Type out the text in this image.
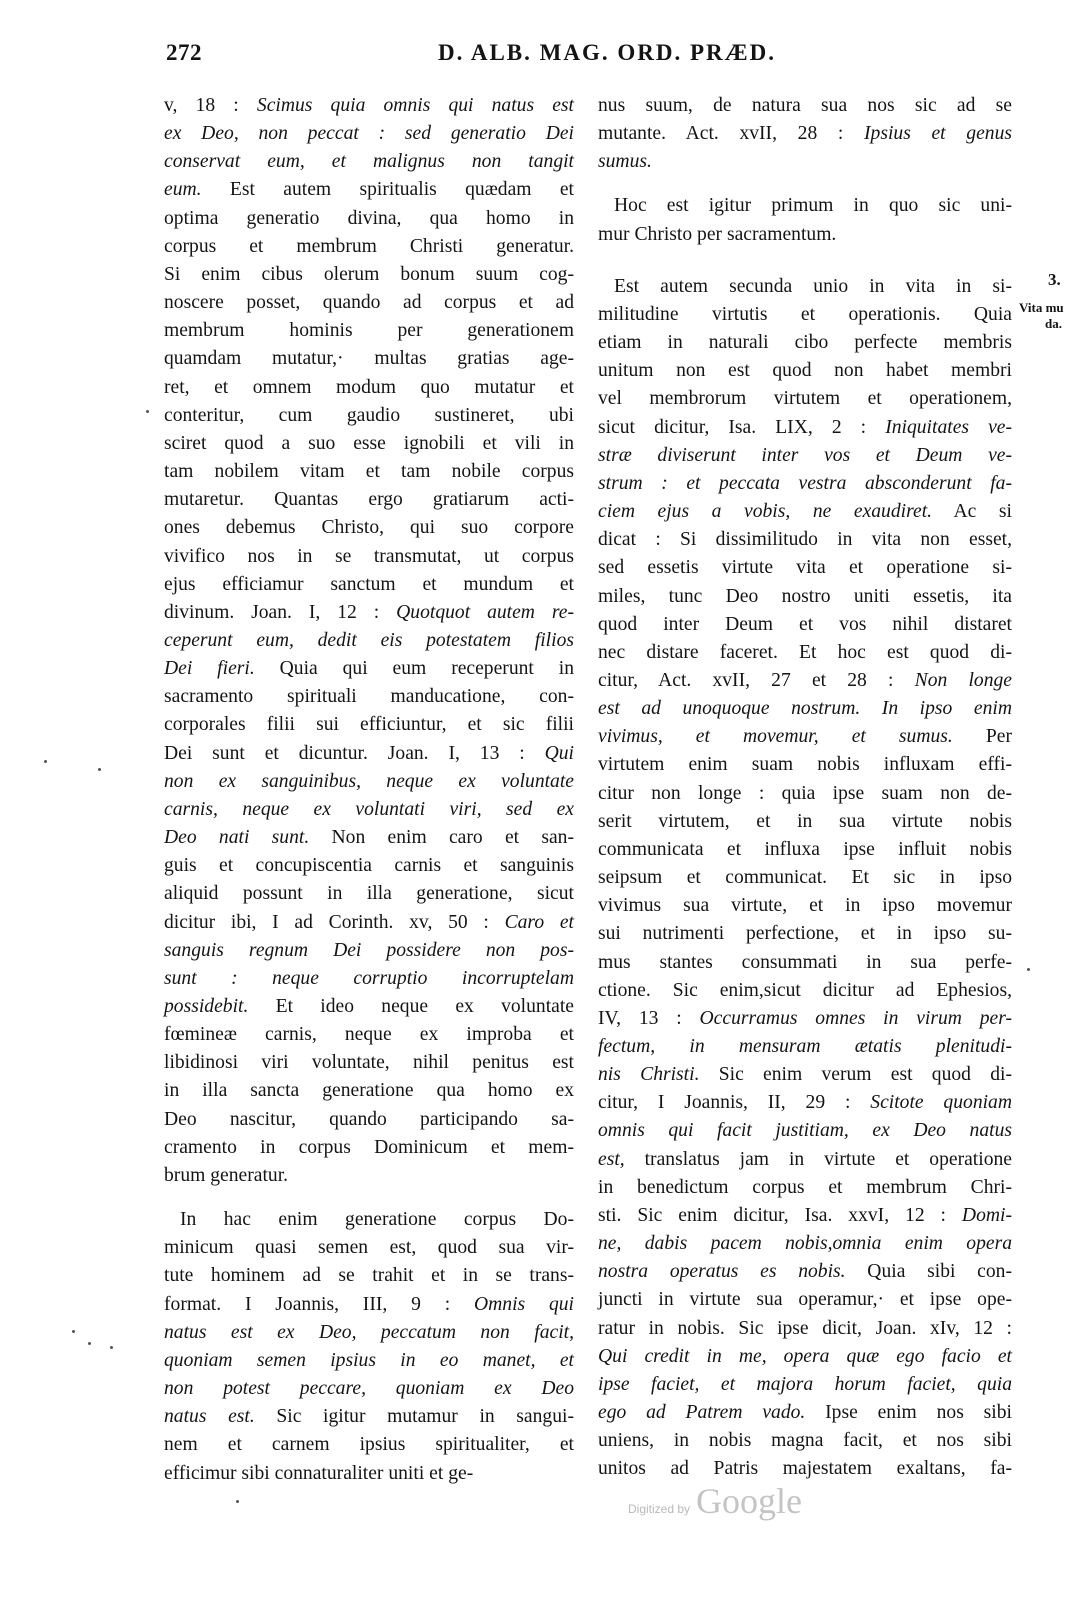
272	D. ALB. MAG. ORD. PRÆD.
v, 18 : Scimus quia omnis qui natus est
ex Deo, non peccat : sed generatio Dei
conservat eum, et malignus non tangit
eum. Est autem spiritualis quædam et
optima generatio divina, qua homo in
corpus et membrum Christi generatur.
Si enim cibus olerum bonum suum cog-
noscere posset, quando ad corpus et ad
membrum hominis per generationem
quamdam mutatur,· multas gratias age-
ret, et omnem modum quo mutatur et
conteritur, cum gaudio sustineret, ubi
sciret quod a suo esse ignobili et vili in
tam nobilem vitam et tam nobile corpus
mutaretur. Quantas ergo gratiarum acti-
ones debemus Christo, qui suo corpore
vivifico nos in se transmutat, ut corpus
ejus efficiamur sanctum et mundum et
divinum. Joan. I, 12 : Quotquot autem re-
ceperunt eum, dedit eis potestatem filios
Dei fieri. Quia qui eum receperunt in
sacramento spirituali manducatione, con-
corporales filii sui efficiuntur, et sic filii
Dei sunt et dicuntur. Joan. I, 13 : Qui
non ex sanguinibus, neque ex voluntate
carnis, neque ex voluntati viri, sed ex
Deo nati sunt. Non enim caro et san-
guis et concupiscentia carnis et sanguinis
aliquid possunt in illa generatione, sicut
dicitur ibi, I ad Corinth. xv, 50 : Caro et
sanguis regnum Dei possidere non pos-
sunt : neque corruptio incorruptelam
possidebit. Et ideo neque ex voluntate
fœmineæ carnis, neque ex improba et
libidinosi viri voluntate, nihil penitus est
in illa sancta generatione qua homo ex
Deo nascitur, quando participando sa-
cramento in corpus Dominicum et mem-
brum generatur.
In hac enim generatione corpus Do-
minicum quasi semen est, quod sua vir-
tute hominem ad se trahit et in se trans-
format. I Joannis, III, 9 : Omnis qui
natus est ex Deo, peccatum non facit,
quoniam semen ipsius in eo manet, et
non potest peccare, quoniam ex Deo
natus est. Sic igitur mutamur in sangui-
nem et carnem ipsius spiritualiter, et
efficimur sibi connaturaliter uniti et ge-
nus suum, de natura sua nos sic ad se
mutante. Act. xvII, 28 : Ipsius et genus
sumus.
Hoc est igitur primum in quo sic uni-
mur Christo per sacramentum.
Est autem secunda unio in vita in si-
militudine virtutis et operationis. Quia
etiam in naturali cibo perfecte membris
unitum non est quod non habet membri
vel membrorum virtutem et operationem,
sicut dicitur, Isa. LIX, 2 : Iniquitates ve-
stræ diviserunt inter vos et Deum ve-
strum : et peccata vestra absconderunt fa-
ciem ejus a vobis, ne exaudiret. Ac si
dicat : Si dissimilitudo in vita non esset,
sed essetis virtute vita et operatione si-
miles, tunc Deo nostro uniti essetis, ita
quod inter Deum et vos nihil distaret
nec distare faceret. Et hoc est quod di-
citur, Act. xvII, 27 et 28 : Non longe
est ad unoquoque nostrum. In ipso enim
vivimus, et movemur, et sumus. Per
virtutem enim suam nobis influxam effi-
citur non longe : quia ipse suam non de-
serit virtutem, et in sua virtute nobis
communicata et influxa ipse influit nobis
seipsum et communicat. Et sic in ipso
vivimus sua virtute, et in ipso movemur
sui nutrimenti perfectione, et in ipso su-
mus stantes consummati in sua perfe-
ctione. Sic enim,sicut dicitur ad Ephesios,
IV, 13 : Occurramus omnes in virum per-
fectum, in mensuram ætatis plenitudi-
nis Christi. Sic enim verum est quod di-
citur, I Joannis, II, 29 : Scitote quoniam
omnis qui facit justitiam, ex Deo natus
est, translatus jam in virtute et operatione
in benedictum corpus et membrum Chri-
sti. Sic enim dicitur, Isa. xxvI, 12 : Domi-
ne, dabis pacem nobis,omnia enim opera
nostra operatus es nobis. Quia sibi con-
juncti in virtute sua operamur,· et ipse ope-
ratur in nobis. Sic ipse dicit, Joan. xIv, 12 :
Qui credit in me, opera quæ ego facio et
ipse faciet, et majora horum faciet, quia
ego ad Patrem vado. Ipse enim nos sibi
uniens, in nobis magna facit, et nos sibi
unitos ad Patris majestatem exaltans, fa-
3.
Vita mu
da.
Digitized by Google
